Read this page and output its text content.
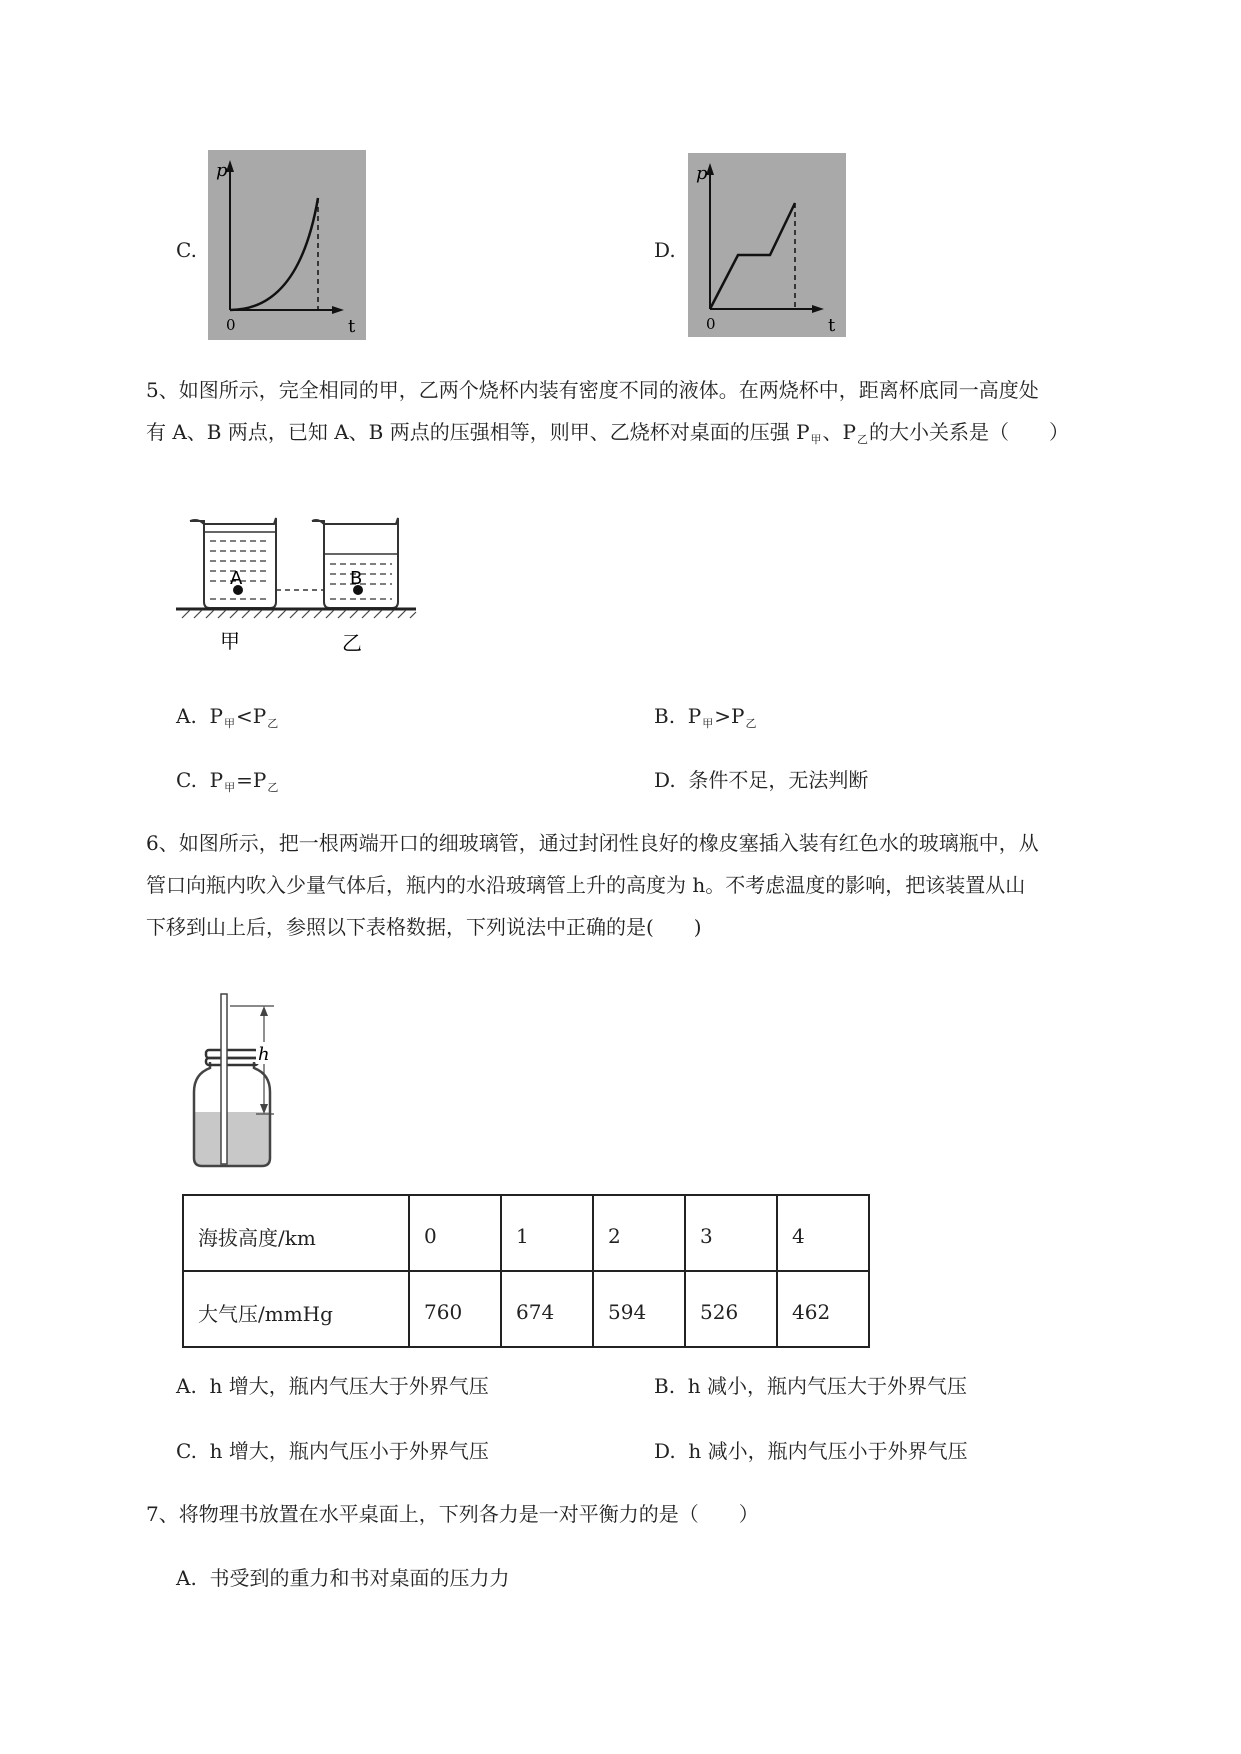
C.
p
t
0
D.
p
t
0
5、如图所示，完全相同的甲，乙两个烧杯内装有密度不同的液体。在两烧杯中，距离杯底同一高度处
有 A、B 两点，已知 A、B 两点的压强相等，则甲、乙烧杯对桌面的压强 $P_甲$、$P_乙$的大小关系是（　　）
A	B
甲	乙
A. $P_甲<P_乙$	B. $P_甲>P_乙$
C. $P_甲=P_乙$	D. 条件不足，无法判断
6、如图所示，把一根两端开口的细玻璃管，通过封闭性良好的橡皮塞插入装有红色水的玻璃瓶中，从
管口向瓶内吹入少量气体后，瓶内的水沿玻璃管上升的高度为 h。不考虑温度的影响，把该装置从山
下移到山上后，参照以下表格数据，下列说法中正确的是(　　)
h
海拔高度/km	0	1	2	3	4
大气压/mmHg	760	674	594	526	462
A. h 增大，瓶内气压大于外界气压	B. h 减小，瓶内气压大于外界气压
C. h 增大，瓶内气压小于外界气压	D. h 减小，瓶内气压小于外界气压
7、将物理书放置在水平桌面上，下列各力是一对平衡力的是（　　）
A. 书受到的重力和书对桌面的压力力
